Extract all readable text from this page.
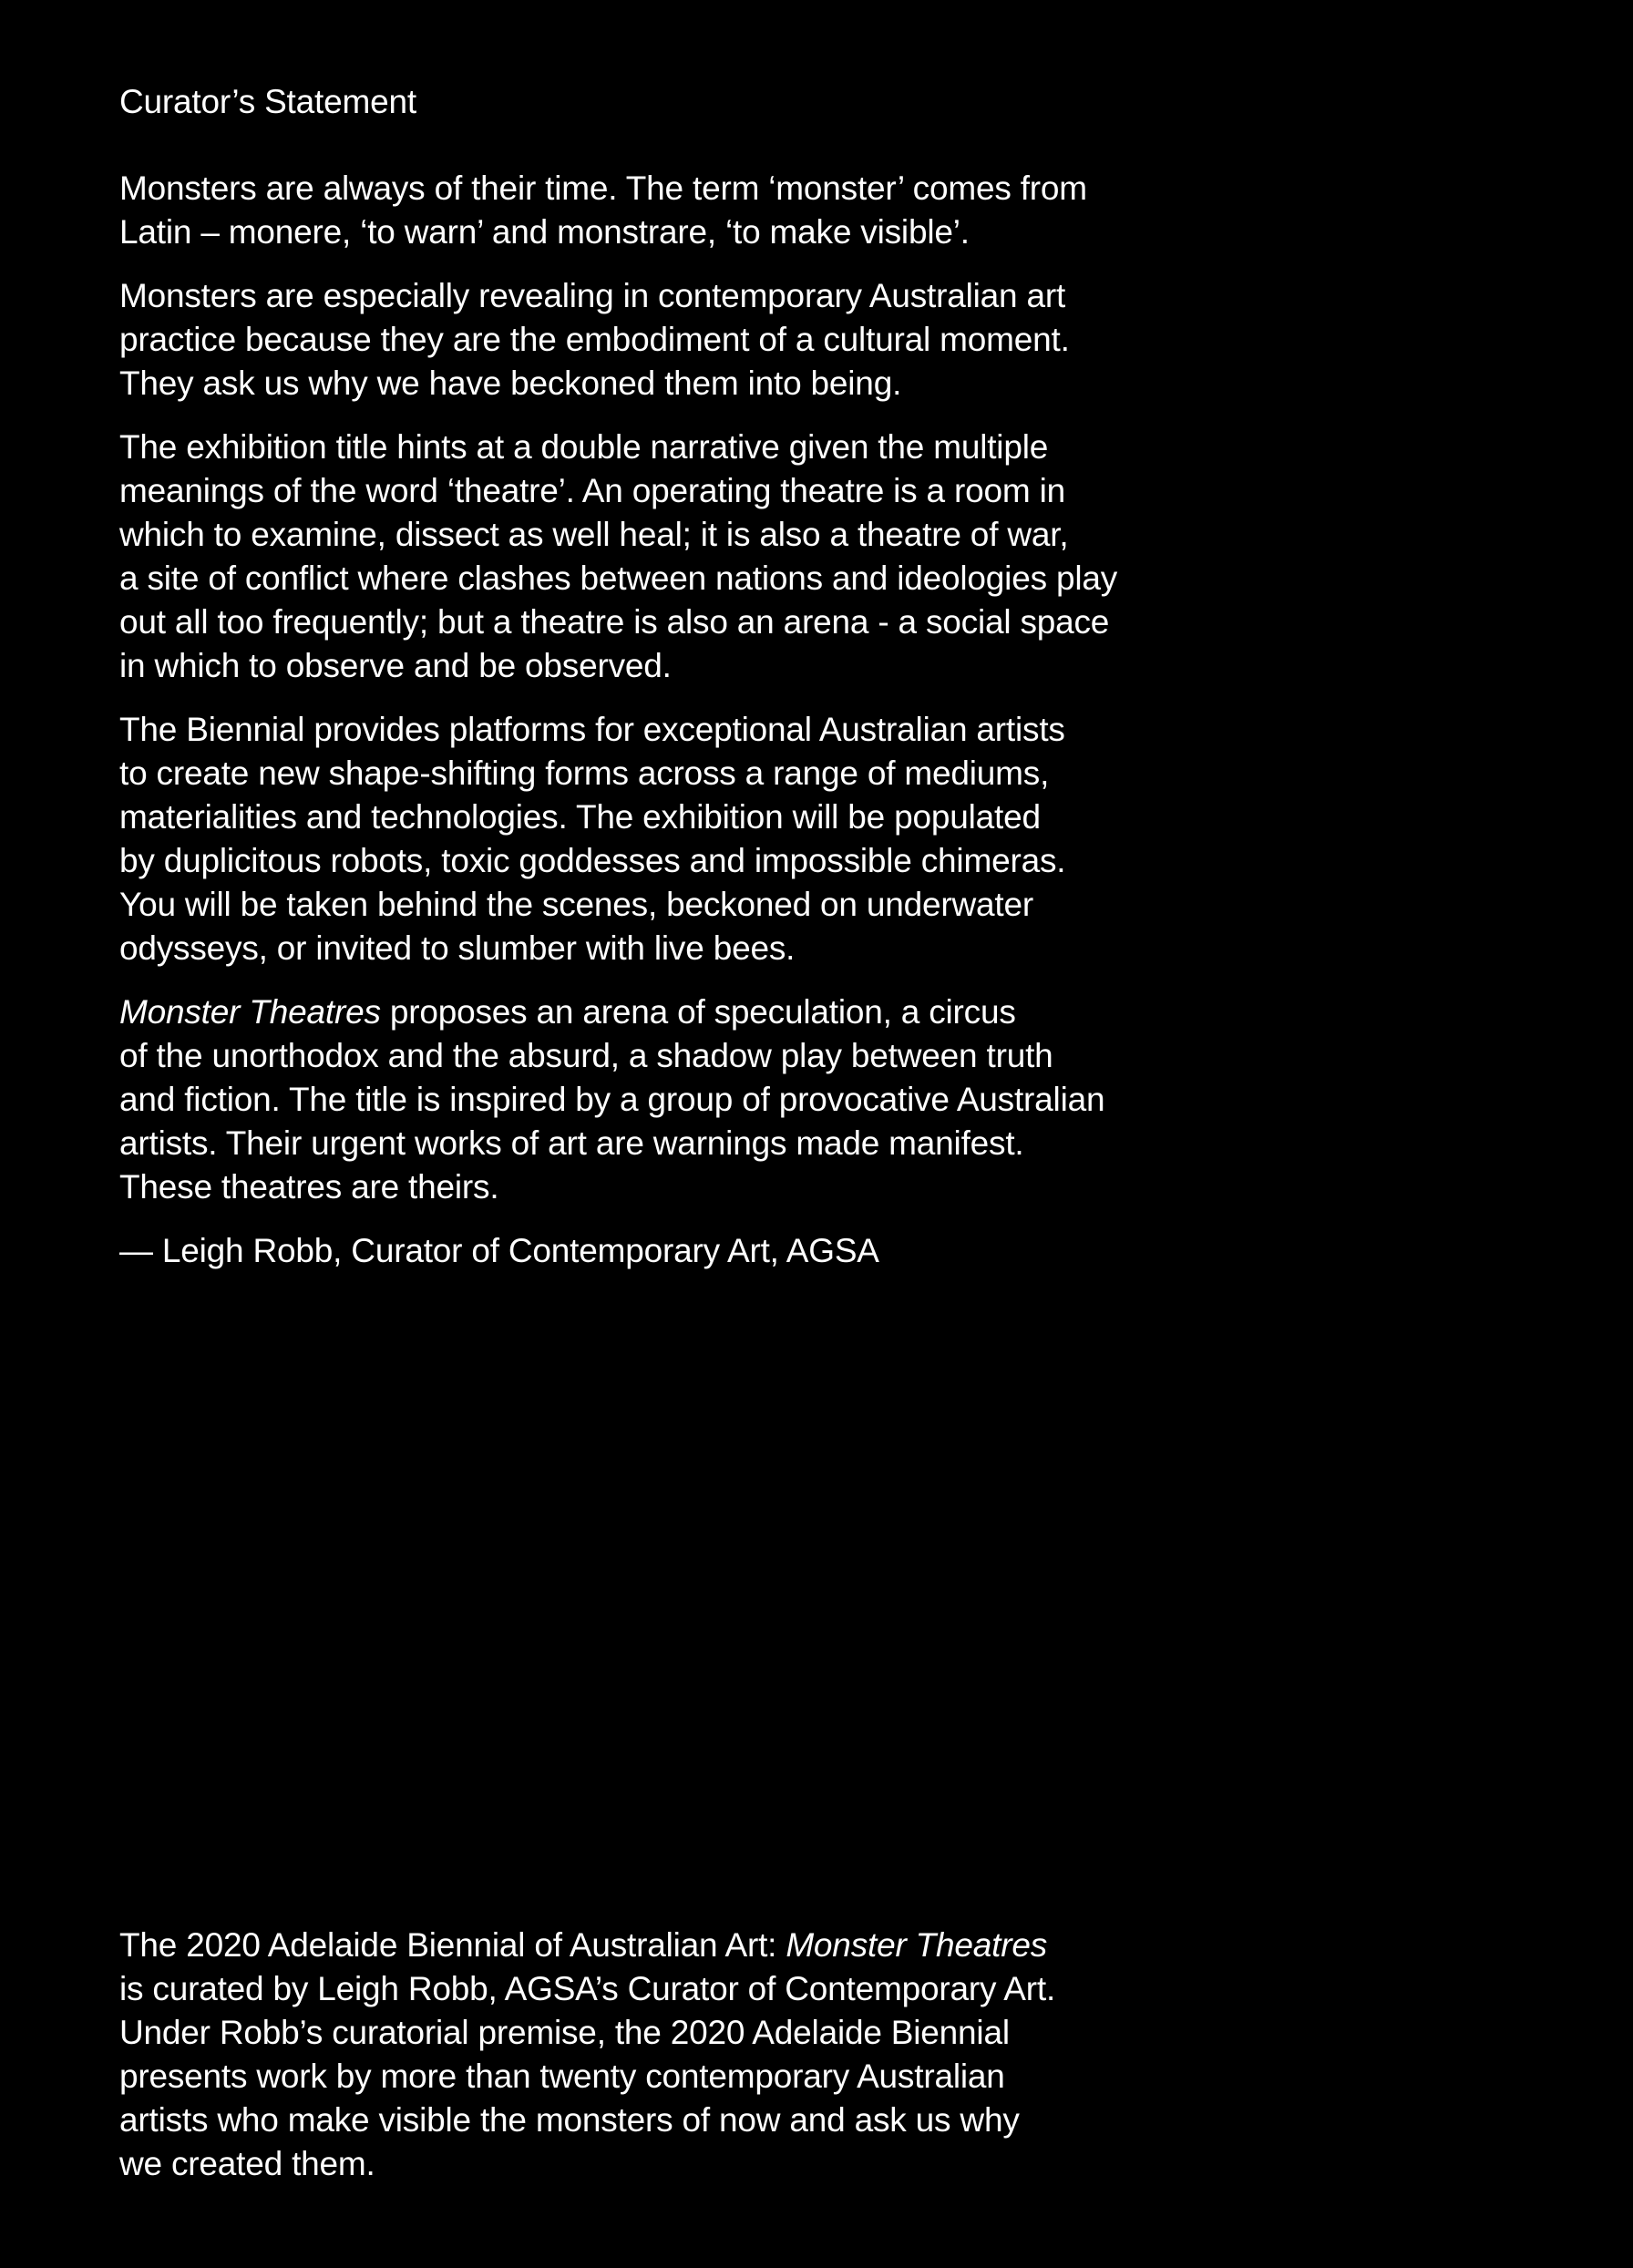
Curator’s Statement

Monsters are always of their time. The term ‘monster’ comes from
Latin – monere, ‘to warn’ and monstrare, ‘to make visible’.

Monsters are especially revealing in contemporary Australian art
practice because they are the embodiment of a cultural moment.
They ask us why we have beckoned them into being.

The exhibition title hints at a double narrative given the multiple
meanings of the word ‘theatre’. An operating theatre is a room in
which to examine, dissect as well heal; it is also a theatre of war,
a site of conflict where clashes between nations and ideologies play
out all too frequently; but a theatre is also an arena - a social space
in which to observe and be observed.

The Biennial provides platforms for exceptional Australian artists
to create new shape-shifting forms across a range of mediums,
materialities and technologies. The exhibition will be populated
by duplicitous robots, toxic goddesses and impossible chimeras.
You will be taken behind the scenes, beckoned on underwater
odysseys, or invited to slumber with live bees.

Monster Theatres proposes an arena of speculation, a circus
of the unorthodox and the absurd, a shadow play between truth
and fiction. The title is inspired by a group of provocative Australian
artists. Their urgent works of art are warnings made manifest.
These theatres are theirs.

— Leigh Robb, Curator of Contemporary Art, AGSA

The 2020 Adelaide Biennial of Australian Art: Monster Theatres
is curated by Leigh Robb, AGSA’s Curator of Contemporary Art.
Under Robb’s curatorial premise, the 2020 Adelaide Biennial
presents work by more than twenty contemporary Australian
artists who make visible the monsters of now and ask us why
we created them.
